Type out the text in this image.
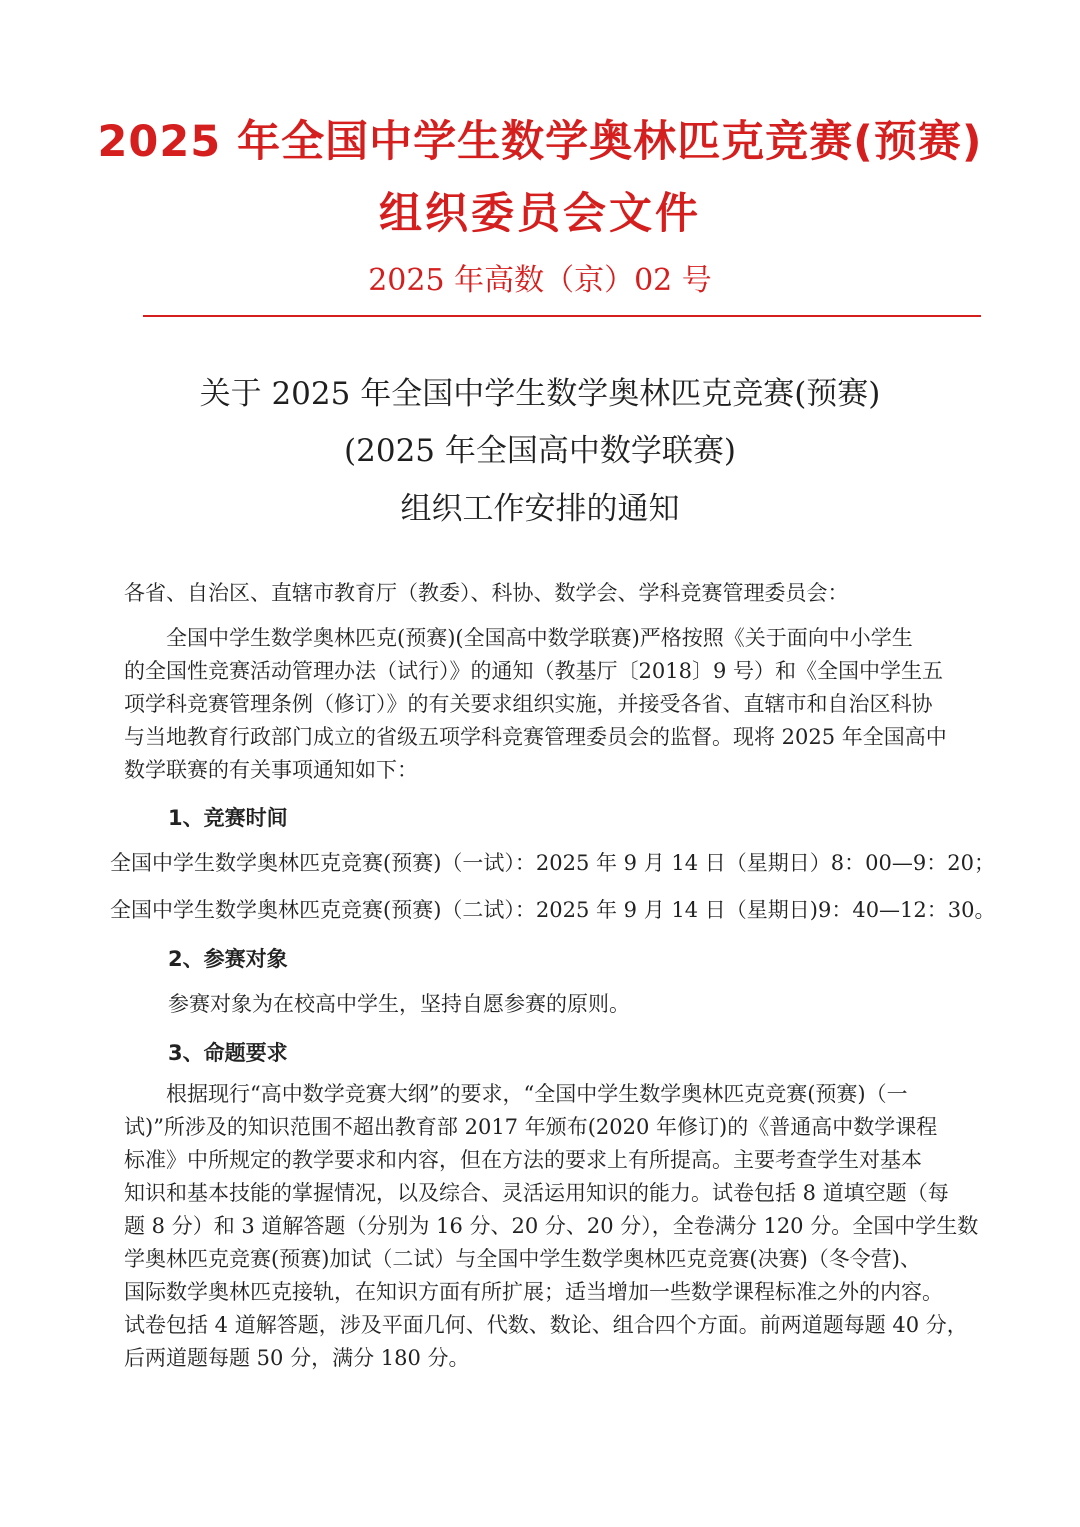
2025 年全国中学生数学奥林匹克竞赛(预赛)
组织委员会文件
2025 年高数（京）02 号
关于 2025 年全国中学生数学奥林匹克竞赛(预赛)
(2025 年全国高中数学联赛)
组织工作安排的通知
各省、自治区、直辖市教育厅（教委）、科协、数学会、学科竞赛管理委员会：
　　全国中学生数学奥林匹克(预赛)(全国高中数学联赛)严格按照《关于面向中小学生
的全国性竞赛活动管理办法（试行）》的通知（教基厅〔2018〕9 号）和《全国中学生五
项学科竞赛管理条例（修订）》的有关要求组织实施，并接受各省、直辖市和自治区科协
与当地教育行政部门成立的省级五项学科竞赛管理委员会的监督。现将 2025 年全国高中
数学联赛的有关事项通知如下：
1、竞赛时间
全国中学生数学奥林匹克竞赛(预赛)（一试）：2025 年 9 月 14 日（星期日）8：00—9：20；
全国中学生数学奥林匹克竞赛(预赛)（二试）：2025 年 9 月 14 日（星期日)9：40—12：30。
2、参赛对象
参赛对象为在校高中学生，坚持自愿参赛的原则。
3、命题要求
　　根据现行“高中数学竞赛大纲”的要求，“全国中学生数学奥林匹克竞赛(预赛)（一
试)”所涉及的知识范围不超出教育部 2017 年颁布(2020 年修订)的《普通高中数学课程
标准》中所规定的教学要求和内容，但在方法的要求上有所提高。主要考查学生对基本
知识和基本技能的掌握情况，以及综合、灵活运用知识的能力。试卷包括 8 道填空题（每
题 8 分）和 3 道解答题（分别为 16 分、20 分、20 分），全卷满分 120 分。全国中学生数
学奥林匹克竞赛(预赛)加试（二试）与全国中学生数学奥林匹克竞赛(决赛)（冬令营)、
国际数学奥林匹克接轨，在知识方面有所扩展；适当增加一些数学课程标准之外的内容。
试卷包括 4 道解答题，涉及平面几何、代数、数论、组合四个方面。前两道题每题 40 分，
后两道题每题 50 分，满分 180 分。
